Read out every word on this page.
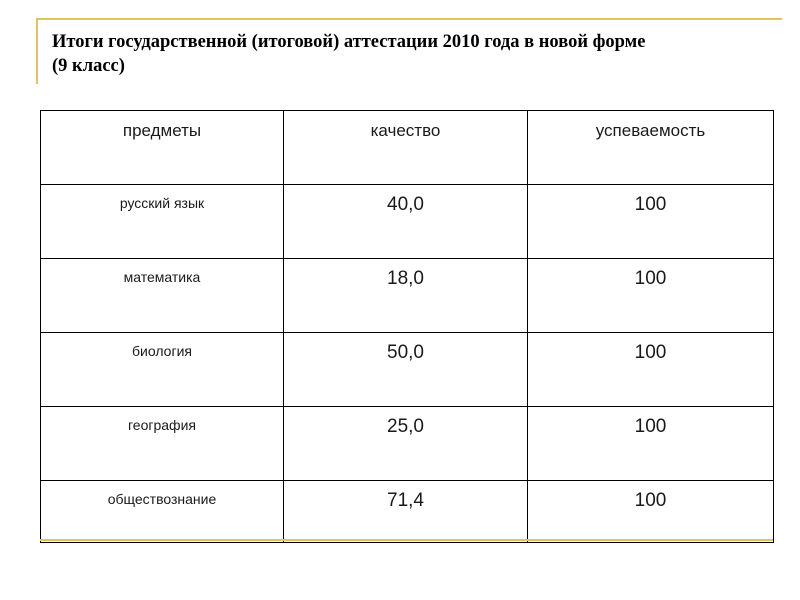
Итоги государственной (итоговой) аттестации 2010 года в новой форме
(9 класс)
предметы	качество	успеваемость
русский язык	40,0	100
математика	18,0	100
биология	50,0	100
география	25,0	100
обществознание	71,4	100
